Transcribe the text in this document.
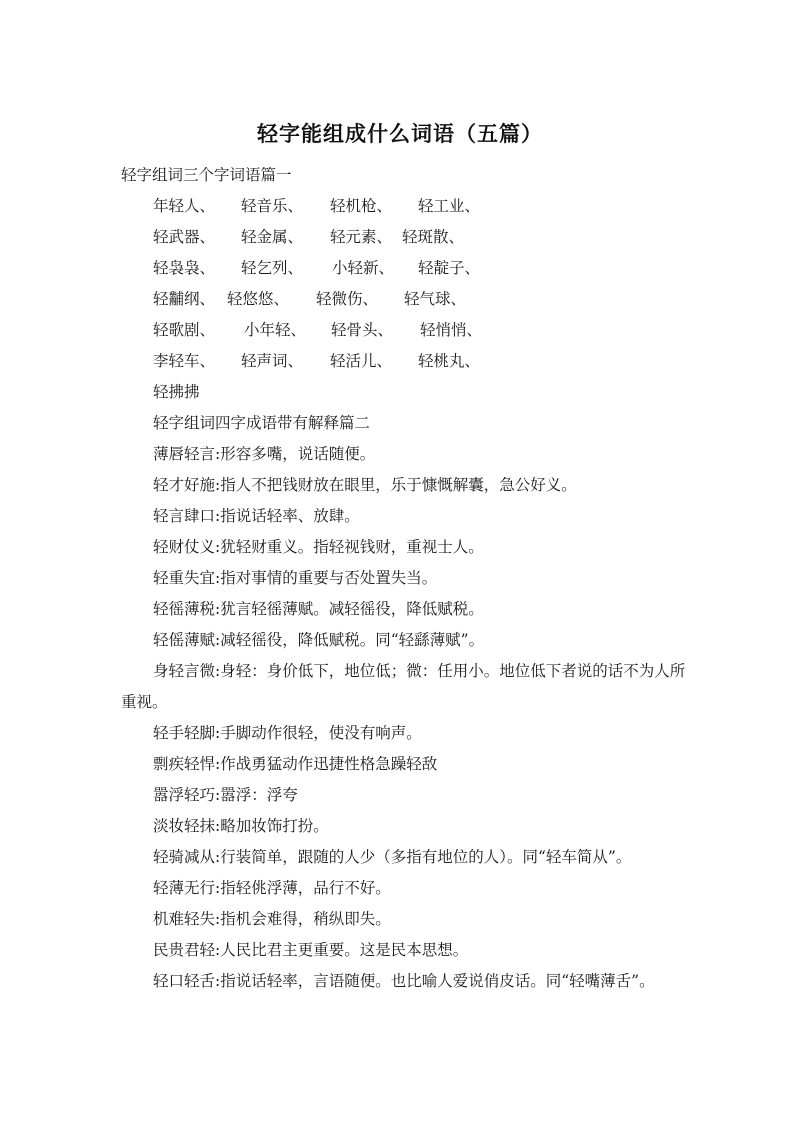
轻字能组成什么词语（五篇）

轻字组词三个字词语篇一

年轻人、	轻音乐、	轻机枪、	轻工业、
轻武器、	轻金属、	轻元素、 轻斑散、
轻袅袅、	轻乞列、	小轻新、	轻靛子、
轻黼纲、 轻悠悠、	轻微伤、	轻气球、
轻歌剧、	小年轻、	轻骨头、	轻悄悄、
李轻车、	轻声词、	轻活儿、	轻桃丸、

轻拂拂

轻字组词四字成语带有解释篇二

薄唇轻言:形容多嘴，说话随便。

轻才好施:指人不把钱财放在眼里，乐于慷慨解囊，急公好义。

轻言肆口:指说话轻率、放肆。

轻财仗义:犹轻财重义。指轻视钱财，重视士人。

轻重失宜:指对事情的重要与否处置失当。

轻徭薄税:犹言轻徭薄赋。减轻徭役，降低赋税。

轻傜薄赋:减轻徭役，降低赋税。同“轻繇薄赋”。

身轻言微:身轻：身价低下，地位低；微：任用小。地位低下者说的话不为人所重视。

轻手轻脚:手脚动作很轻，使没有响声。

剽疾轻悍:作战勇猛动作迅捷性格急躁轻敌

嚣浮轻巧:嚣浮：浮夸

淡妆轻抹:略加妆饰打扮。

轻骑减从:行装简单，跟随的人少（多指有地位的人）。同“轻车简从”。

轻薄无行:指轻佻浮薄，品行不好。

机难轻失:指机会难得，稍纵即失。

民贵君轻:人民比君主更重要。这是民本思想。

轻口轻舌:指说话轻率，言语随便。也比喻人爱说俏皮话。同“轻嘴薄舌”。
